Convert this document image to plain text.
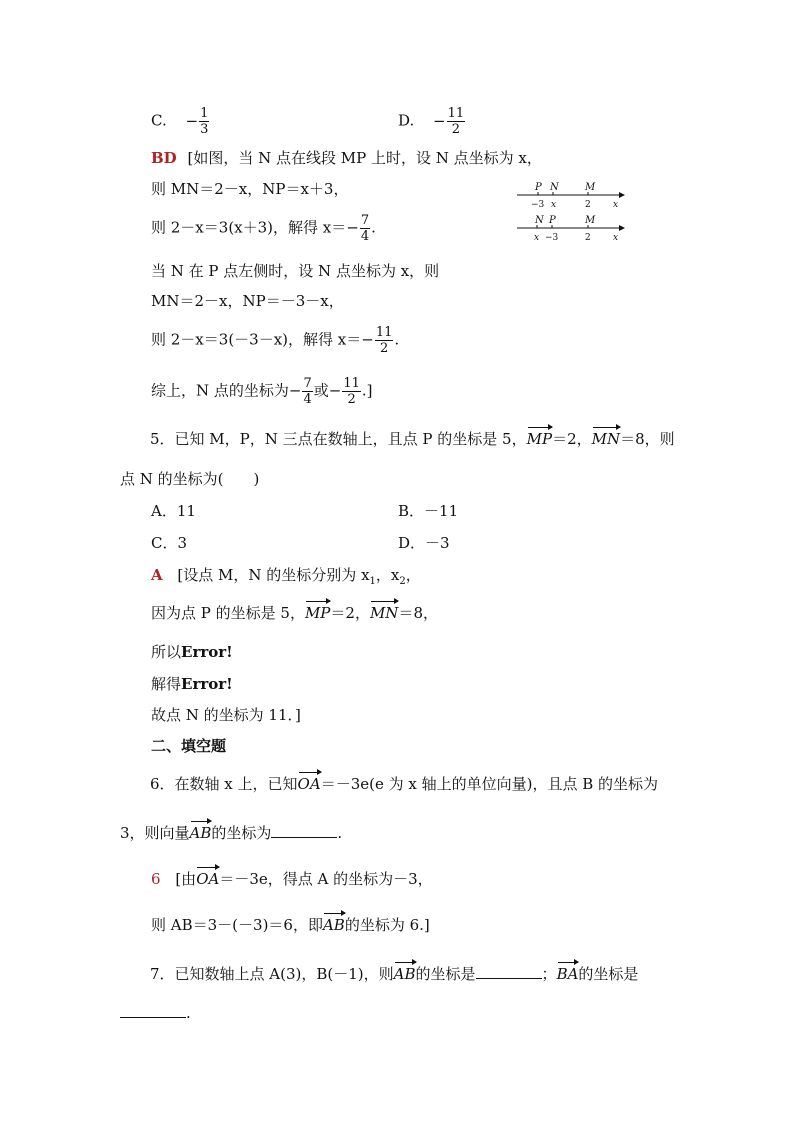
C. − $\frac{1}{3}$	D. − $\frac{11}{2}$
BD [如图，当 N 点在线段 MP 上时，设 N 点坐标为 x，
则 MN＝2－x，NP＝x＋3，
则 2－x＝3(x＋3)，解得 $x=- \frac{7}{4}$ .
当 N 在 P 点左侧时，设 N 点坐标为 x，则
MN＝2－x，NP＝－3－x，
则 2－x＝3(－3－x)，解得 $x=- \frac{11}{2}$ .
综上，N 点的坐标为− $\frac{7}{4}$ 或− $\frac{11}{2}$ .]
P N	M
−3 x	2 x
N P	M
x −3	2 x
5．已知 M，P，N 三点在数轴上，且点 P 的坐标是 5，MP＝2，MN＝8，则
点 N 的坐标为(　　)
A．11	B．－11
C．3	D．－3
A [设点 M，N 的坐标分别为 $x_1$，$x_2$，
因为点 P 的坐标是 5，MP＝2，MN＝8，
所以Error!
解得Error!
故点 N 的坐标为 11．]
二、填空题
6．在数轴 x 上，已知OA＝－3e(e 为 x 轴上的单位向量)，且点 B 的坐标为
3，则向量AB的坐标为	.
6 [由OA＝－3e，得点 A 的坐标为－3，
则 AB＝3－(－3)＝6，即AB的坐标为 6.]
7．已知数轴上点 A(3)，B(－1)，则AB的坐标是	；BA的坐标是
.
